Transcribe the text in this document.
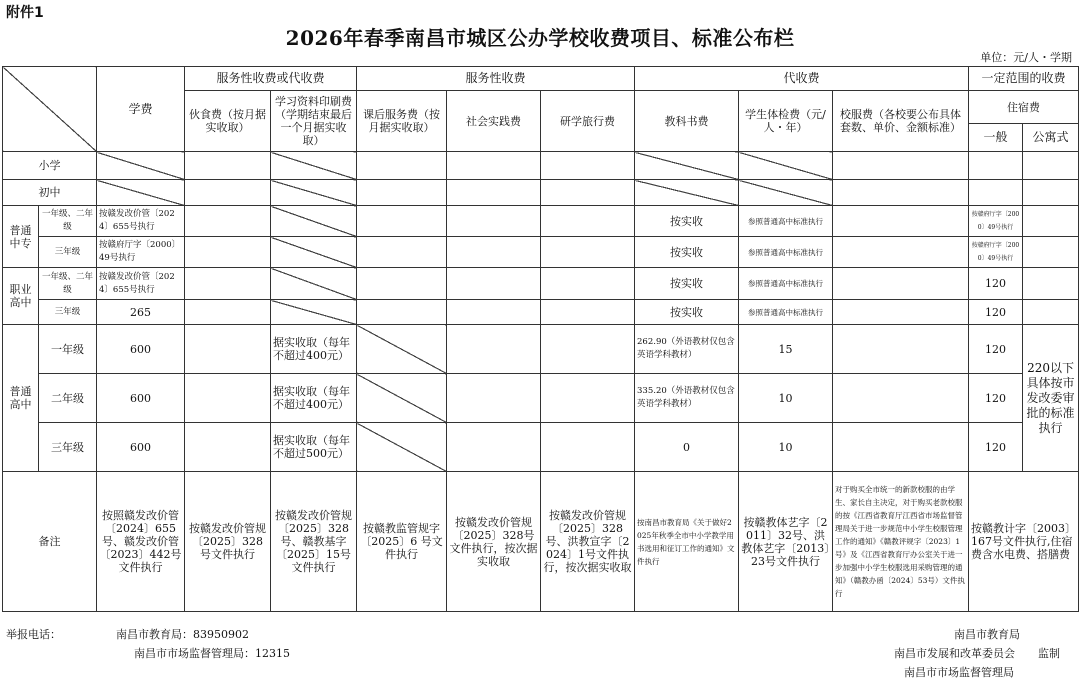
附件1
2026年春季南昌市城区公办学校收费项目、标准公布栏
单位：元/人・学期
		学费	服务性收费或代收费		服务性收费			代收费			一定范围的收费	
			伙食费（按月据实收取）	学习资料印刷费（学期结束最后一个月据实收取）	课后服务费（按月据实收取）	社会实践费	研学旅行费	教科书费	学生体检费（元/人・年）	校服费（各校要公布具体套数、单价、金额标准）	住宿费	
											一般	公寓式
小学												
初中												
普通中专	一年级、二年级	按赣发改价管〔2024〕655号执行						按实收	参照普通高中标准执行		按赣府厅字〔2000〕49号执行	
	三年级	按赣府厅字〔2000〕49号执行						按实收	参照普通高中标准执行		按赣府厅字〔2000〕49号执行	
职业高中	一年级、二年级	按赣发改价管〔2024〕655号执行						按实收	参照普通高中标准执行		120	
	三年级	265						按实收	参照普通高中标准执行		120	
普通高中	一年级	600		据实收取（每年不超过400元）				262.90（外语教材仅包含英语学科教材）	15		120	220以下具体按市发改委审批的标准执行
	二年级	600		据实收取（每年不超过400元）				335.20（外语教材仅包含英语学科教材）	10		120	
	三年级	600		据实收取（每年不超过500元）				0	10		120	
备注		按照赣发改价管〔2024〕655号、赣发改价管〔2023〕442号文件执行	按赣发改价管规〔2025〕328号文件执行	按赣发改价管规〔2025〕328号、赣教基字〔2025〕15号文件执行	按赣教监管规字〔2025〕6 号文件执行	按赣发改价管规〔2025〕328号文件执行，按次据实收取	按赣发改价管规〔2025〕328号、洪教宣字〔2024〕1号文件执行，按次据实收取	按南昌市教育局《关于做好2025年秋季全市中小学教学用书选用和征订工作的通知》文件执行	按赣教体艺字〔2011〕32号、洪教体艺字〔2013〕23号文件执行	对于购买全市统一的新款校服的由学生、家长自主决定，对于购买老款校服的按《江西省教育厅江西省市场监督管理局关于进一步规范中小学生校服管理工作的通知》《赣教评规字〔2023〕1号》及《江西省教育厅办公室关于进一步加强中小学生校服选用采购管理的通知》（赣教办函〔2024〕53号）文件执行	按赣教计字〔2003〕167号文件执行,住宿费含水电费、搭膳费	
举报电话：	南昌市教育局：83950902
南昌市市场监督管理局：12315
南昌市教育局
南昌市发展和改革委员会 监制
南昌市市场监督管理局
